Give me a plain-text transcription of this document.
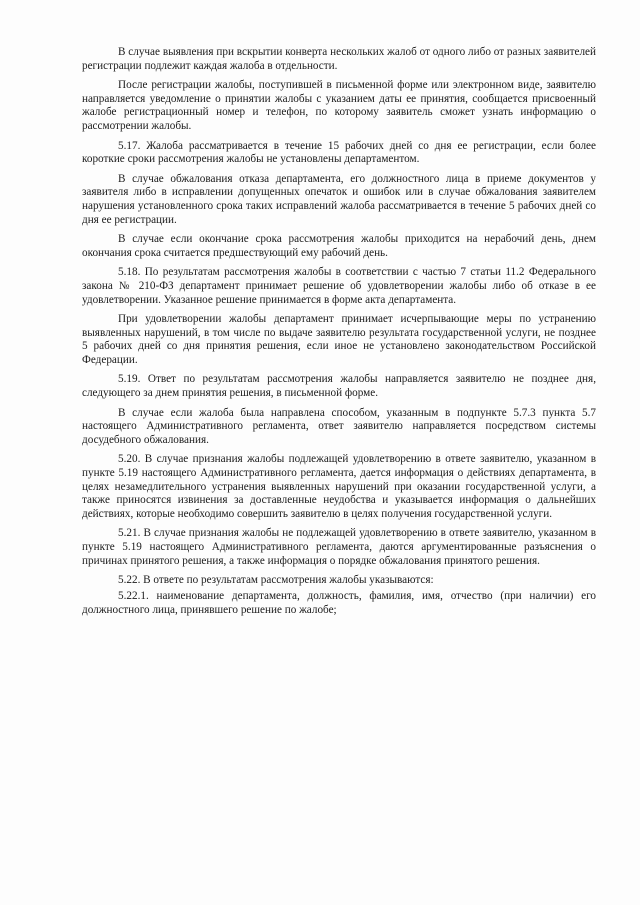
В случае выявления при вскрытии конверта нескольких жалоб от одного либо от разных заявителей регистрации подлежит каждая жалоба в отдельности.

После регистрации жалобы, поступившей в письменной форме или электронном виде, заявителю направляется уведомление о принятии жалобы с указанием даты ее принятия, сообщается присвоенный жалобе регистрационный номер и телефон, по которому заявитель сможет узнать информацию о рассмотрении жалобы.

5.17. Жалоба рассматривается в течение 15 рабочих дней со дня ее регистрации, если более короткие сроки рассмотрения жалобы не установлены департаментом.

В случае обжалования отказа департамента, его должностного лица в приеме документов у заявителя либо в исправлении допущенных опечаток и ошибок или в случае обжалования заявителем нарушения установленного срока таких исправлений жалоба рассматривается в течение 5 рабочих дней со дня ее регистрации.

В случае если окончание срока рассмотрения жалобы приходится на нерабочий день, днем окончания срока считается предшествующий ему рабочий день.

5.18. По результатам рассмотрения жалобы в соответствии с частью 7 статьи 11.2 Федерального закона № 210-ФЗ департамент принимает решение об удовлетворении жалобы либо об отказе в ее удовлетворении. Указанное решение принимается в форме акта департамента.

При удовлетворении жалобы департамент принимает исчерпывающие меры по устранению выявленных нарушений, в том числе по выдаче заявителю результата государственной услуги, не позднее 5 рабочих дней со дня принятия решения, если иное не установлено законодательством Российской Федерации.

5.19. Ответ по результатам рассмотрения жалобы направляется заявителю не позднее дня, следующего за днем принятия решения, в письменной форме.

В случае если жалоба была направлена способом, указанным в подпункте 5.7.3 пункта 5.7 настоящего Административного регламента, ответ заявителю направляется посредством системы досудебного обжалования.

5.20. В случае признания жалобы подлежащей удовлетворению в ответе заявителю, указанном в пункте 5.19 настоящего Административного регламента, дается информация о действиях департамента, в целях незамедлительного устранения выявленных нарушений при оказании государственной услуги, а также приносятся извинения за доставленные неудобства и указывается информация о дальнейших действиях, которые необходимо совершить заявителю в целях получения государственной услуги.

5.21. В случае признания жалобы не подлежащей удовлетворению в ответе заявителю, указанном в пункте 5.19 настоящего Административного регламента, даются аргументированные разъяснения о причинах принятого решения, а также информация о порядке обжалования принятого решения.

5.22. В ответе по результатам рассмотрения жалобы указываются:

5.22.1. наименование департамента, должность, фамилия, имя, отчество (при наличии) его должностного лица, принявшего решение по жалобе;
